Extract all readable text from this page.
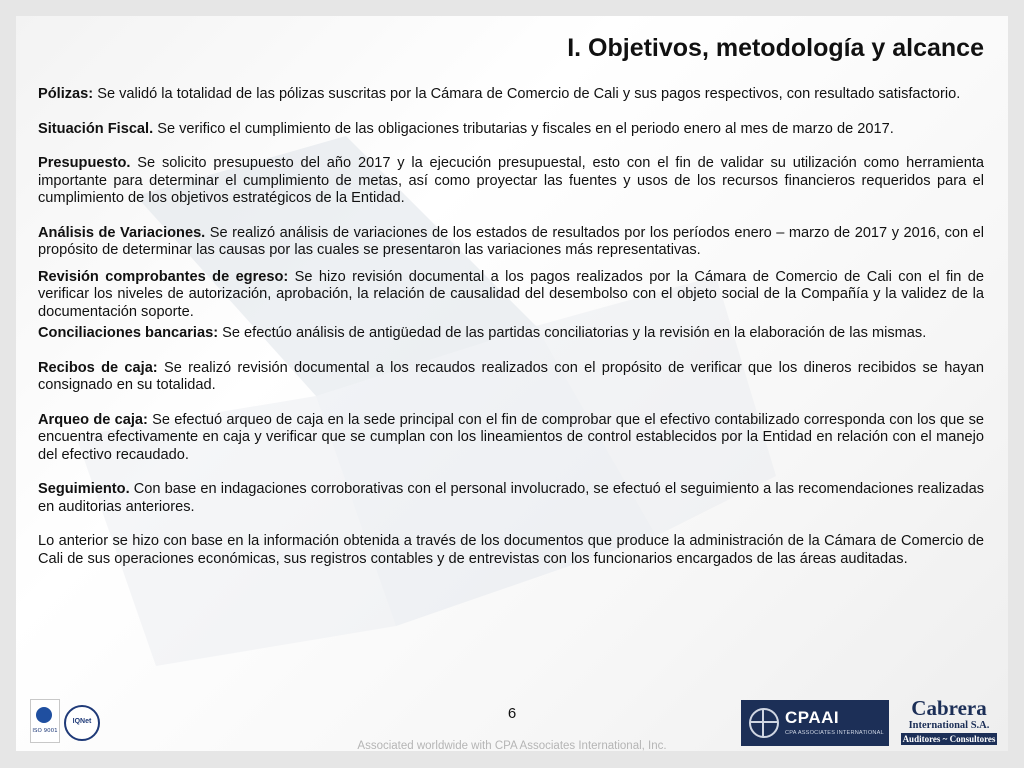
I. Objetivos, metodología y alcance

Pólizas: Se validó la totalidad de las pólizas suscritas por la Cámara de Comercio de Cali y sus pagos respectivos, con resultado satisfactorio.

Situación Fiscal. Se verifico el cumplimiento de las obligaciones tributarias y fiscales en el periodo enero al mes de marzo de 2017.

Presupuesto. Se solicito presupuesto del año 2017 y la ejecución presupuestal, esto con el fin de validar su utilización como herramienta importante para determinar el cumplimiento de metas, así como proyectar las fuentes y usos de los recursos financieros requeridos para el cumplimiento de los objetivos estratégicos de la Entidad.

Análisis de Variaciones. Se realizó análisis de variaciones de los estados de resultados por los períodos enero – marzo de 2017 y 2016, con el propósito de determinar las causas por las cuales se presentaron las variaciones más representativas.

Revisión comprobantes de egreso: Se hizo revisión documental a los pagos realizados por la Cámara de Comercio de Cali con el fin de verificar los niveles de autorización, aprobación, la relación de causalidad del desembolso con el objeto social de la Compañía y la validez de la documentación soporte.

Conciliaciones bancarias: Se efectúo análisis de antigüedad de las partidas conciliatorias y la revisión en la elaboración de las mismas.

Recibos de caja: Se realizó revisión documental a los recaudos realizados con el propósito de verificar que los dineros recibidos se hayan consignado en su totalidad.

Arqueo de caja: Se efectuó arqueo de caja en la sede principal con el fin de comprobar que el efectivo contabilizado corresponda con los que se encuentra efectivamente en caja y verificar que se cumplan con los lineamientos de control establecidos por la Entidad en relación con el manejo del efectivo recaudado.

Seguimiento. Con base en indagaciones corroborativas con el personal involucrado, se efectuó el seguimiento a las recomendaciones realizadas en auditorias anteriores.

Lo anterior se hizo con base en la información obtenida a través de los documentos que produce la administración de la Cámara de Comercio de Cali de sus operaciones económicas, sus registros contables y de entrevistas con los funcionarios encargados de las áreas auditadas.

ISO 9001
IQNet	6
Associated worldwide with CPA Associates International, Inc.
CPAAI
CPA ASSOCIATES INTERNATIONAL
Cabrera
International S.A.
Auditores ~ Consultores
